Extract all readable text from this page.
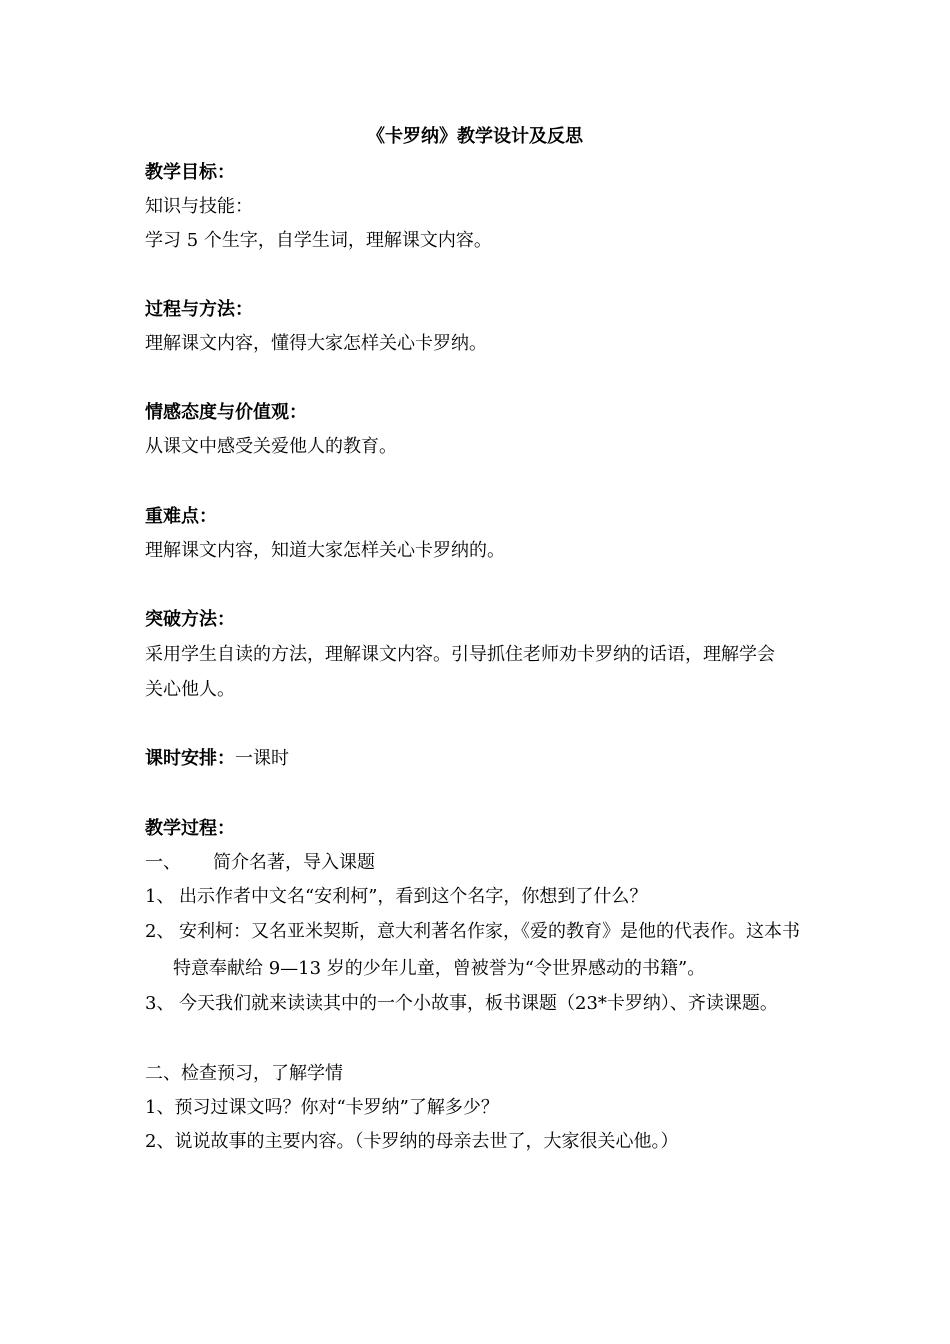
《卡罗纳》教学设计及反思
教学目标：
知识与技能：
学习 5 个生字，自学生词，理解课文内容。
过程与方法：
理解课文内容，懂得大家怎样关心卡罗纳。
情感态度与价值观：
从课文中感受关爱他人的教育。
重难点：
理解课文内容，知道大家怎样关心卡罗纳的。
突破方法：
采用学生自读的方法，理解课文内容。引导抓住老师劝卡罗纳的话语，理解学会
关心他人。
课时安排：一课时
教学过程：
一、 简介名著，导入课题
1、 出示作者中文名“安利柯”，看到这个名字，你想到了什么？
2、 安利柯：又名亚米契斯，意大利著名作家，《爱的教育》是他的代表作。这本书
特意奉献给 9—13 岁的少年儿童，曾被誉为“令世界感动的书籍”。
3、 今天我们就来读读其中的一个小故事，板书课题（23*卡罗纳）、齐读课题。
二、检查预习，了解学情
1、预习过课文吗？你对“卡罗纳”了解多少？
2、说说故事的主要内容。（卡罗纳的母亲去世了，大家很关心他。）
